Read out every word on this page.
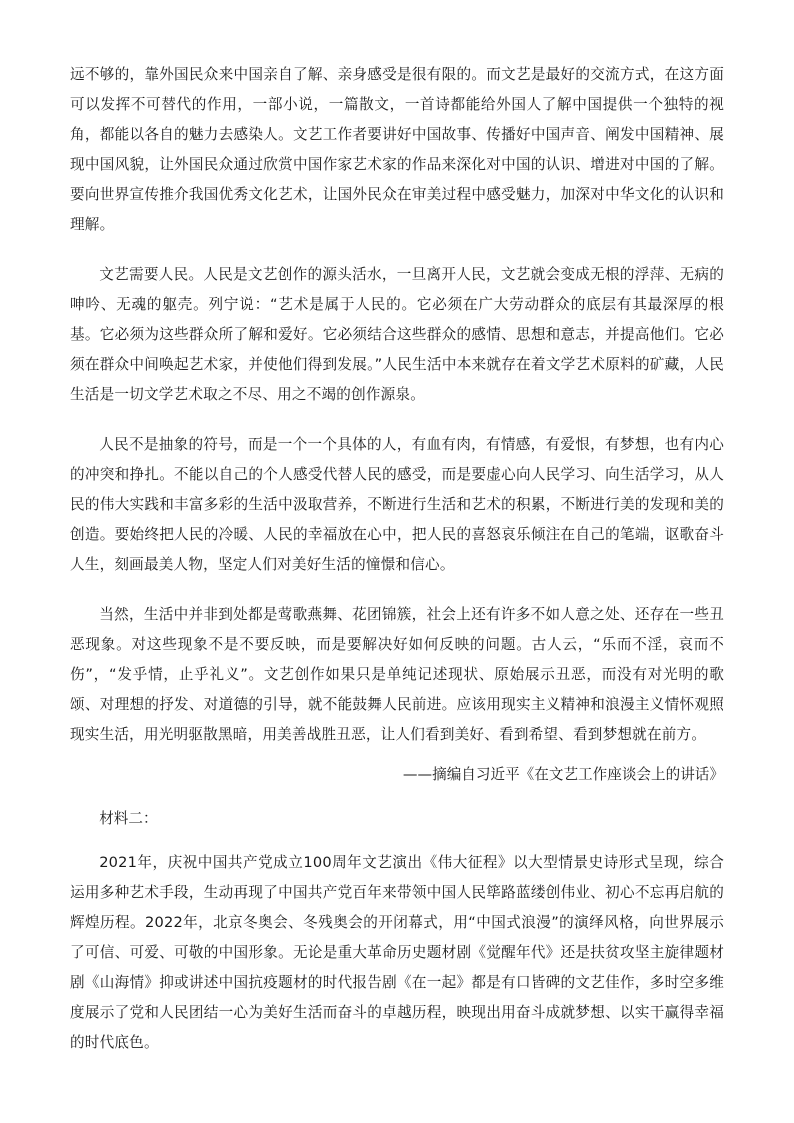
远不够的，靠外国民众来中国亲自了解、亲身感受是很有限的。而文艺是最好的交流方式，在这方面可以发挥不可替代的作用，一部小说，一篇散文，一首诗都能给外国人了解中国提供一个独特的视角，都能以各自的魅力去感染人。文艺工作者要讲好中国故事、传播好中国声音、阐发中国精神、展现中国风貌，让外国民众通过欣赏中国作家艺术家的作品来深化对中国的认识、增进对中国的了解。要向世界宣传推介我国优秀文化艺术，让国外民众在审美过程中感受魅力，加深对中华文化的认识和理解。

文艺需要人民。人民是文艺创作的源头活水，一旦离开人民，文艺就会变成无根的浮萍、无病的呻吟、无魂的躯壳。列宁说：“艺术是属于人民的。它必须在广大劳动群众的底层有其最深厚的根基。它必须为这些群众所了解和爱好。它必须结合这些群众的感情、思想和意志，并提高他们。它必须在群众中间唤起艺术家，并使他们得到发展。”人民生活中本来就存在着文学艺术原料的矿藏，人民生活是一切文学艺术取之不尽、用之不竭的创作源泉。

人民不是抽象的符号，而是一个一个具体的人，有血有肉，有情感，有爱恨，有梦想，也有内心的冲突和挣扎。不能以自己的个人感受代替人民的感受，而是要虚心向人民学习、向生活学习，从人民的伟大实践和丰富多彩的生活中汲取营养，不断进行生活和艺术的积累，不断进行美的发现和美的创造。要始终把人民的冷暖、人民的幸福放在心中，把人民的喜怒哀乐倾注在自己的笔端，讴歌奋斗人生，刻画最美人物，坚定人们对美好生活的憧憬和信心。

当然，生活中并非到处都是莺歌燕舞、花团锦簇，社会上还有许多不如人意之处、还存在一些丑恶现象。对这些现象不是不要反映，而是要解决好如何反映的问题。古人云，“乐而不淫，哀而不伤”，“发乎情，止乎礼义”。文艺创作如果只是单纯记述现状、原始展示丑恶，而没有对光明的歌颂、对理想的抒发、对道德的引导，就不能鼓舞人民前进。应该用现实主义精神和浪漫主义情怀观照现实生活，用光明驱散黑暗，用美善战胜丑恶，让人们看到美好、看到希望、看到梦想就在前方。

——摘编自习近平《在文艺工作座谈会上的讲话》

材料二：

2021年，庆祝中国共产党成立100周年文艺演出《伟大征程》以大型情景史诗形式呈现，综合运用多种艺术手段，生动再现了中国共产党百年来带领中国人民筚路蓝缕创伟业、初心不忘再启航的辉煌历程。2022年，北京冬奥会、冬残奥会的开闭幕式，用“中国式浪漫”的演绎风格，向世界展示了可信、可爱、可敬的中国形象。无论是重大革命历史题材剧《觉醒年代》还是扶贫攻坚主旋律题材剧《山海情》抑或讲述中国抗疫题材的时代报告剧《在一起》都是有口皆碑的文艺佳作，多时空多维度展示了党和人民团结一心为美好生活而奋斗的卓越历程，映现出用奋斗成就梦想、以实干赢得幸福的时代底色。
